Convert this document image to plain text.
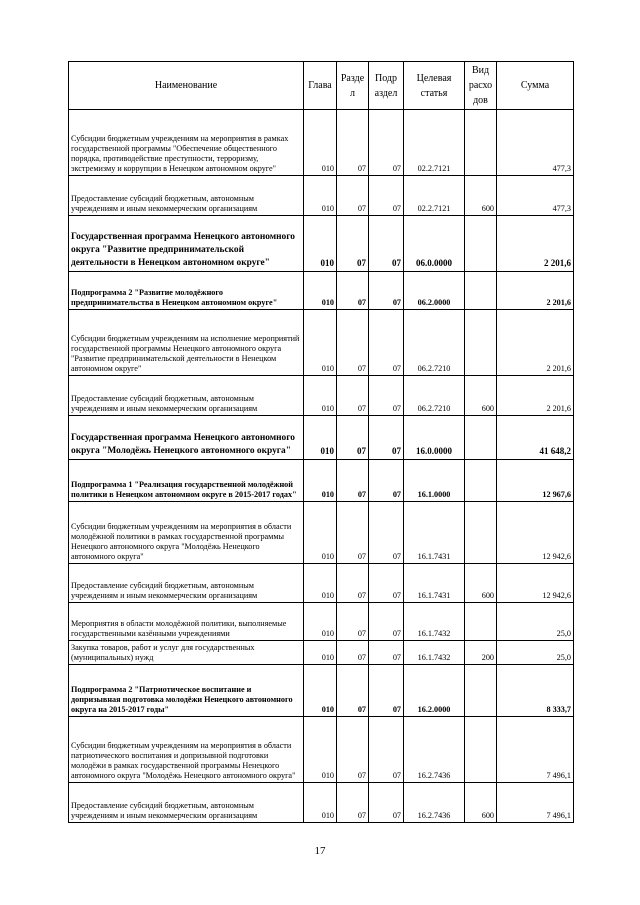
Наименование	Глава	Разде л	Подр аздел	Целевая статья	Вид расхо дов	Сумма
Субсидии бюджетным учреждениям на мероприятия в рамках государственной программы "Обеспечение общественного порядка, противодействие преступности, терроризму, экстремизму и коррупции в Ненецком автономном округе"	010	07	07	02.2.7121		477,3
Предоставление субсидий бюджетным, автономным учреждениям и иным некоммерческим организациям	010	07	07	02.2.7121	600	477,3
Государственная программа Ненецкого автономного округа "Развитие предпринимательской деятельности в Ненецком автономном округе"	010	07	07	06.0.0000		2 201,6
Подпрограмма 2 "Развитие молодёжного предпринимательства в Ненецком автономном округе"	010	07	07	06.2.0000		2 201,6
Субсидии бюджетным учреждениям на исполнение мероприятий государственной программы Ненецкого автономного округа "Развитие предпринимательской деятельности в Ненецком автономном округе"	010	07	07	06.2.7210		2 201,6
Предоставление субсидий бюджетным, автономным учреждениям и иным некоммерческим организациям	010	07	07	06.2.7210	600	2 201,6
Государственная программа Ненецкого автономного округа "Молодёжь Ненецкого автономного округа"	010	07	07	16.0.0000		41 648,2
Подпрограмма 1 "Реализация государственной молодёжной политики в Ненецком автономном округе в 2015-2017 годах"	010	07	07	16.1.0000		12 967,6
Субсидии бюджетным учреждениям на мероприятия в области молодёжной политики в рамках государственной программы Ненецкого автономного округа "Молодёжь Ненецкого автономного округа"	010	07	07	16.1.7431		12 942,6
Предоставление субсидий бюджетным, автономным учреждениям и иным некоммерческим организациям	010	07	07	16.1.7431	600	12 942,6
Мероприятия в области молодёжной политики, выполняемые государственными казёнными учреждениями	010	07	07	16.1.7432		25,0
Закупка товаров, работ и услуг для государственных (муниципальных) нужд	010	07	07	16.1.7432	200	25,0
Подпрограмма 2 "Патриотическое воспитание и допризывная подготовка молодёжи Ненецкого автономного округа на 2015-2017 годы"	010	07	07	16.2.0000		8 333,7
Субсидии бюджетным учреждениям на мероприятия в области патриотического воспитания и допризывной подготовки молодёжи в рамках государственной программы Ненецкого автономного округа "Молодёжь Ненецкого автономного округа"	010	07	07	16.2.7436		7 496,1
Предоставление субсидий бюджетным, автономным учреждениям и иным некоммерческим организациям	010	07	07	16.2.7436	600	7 496,1
17
